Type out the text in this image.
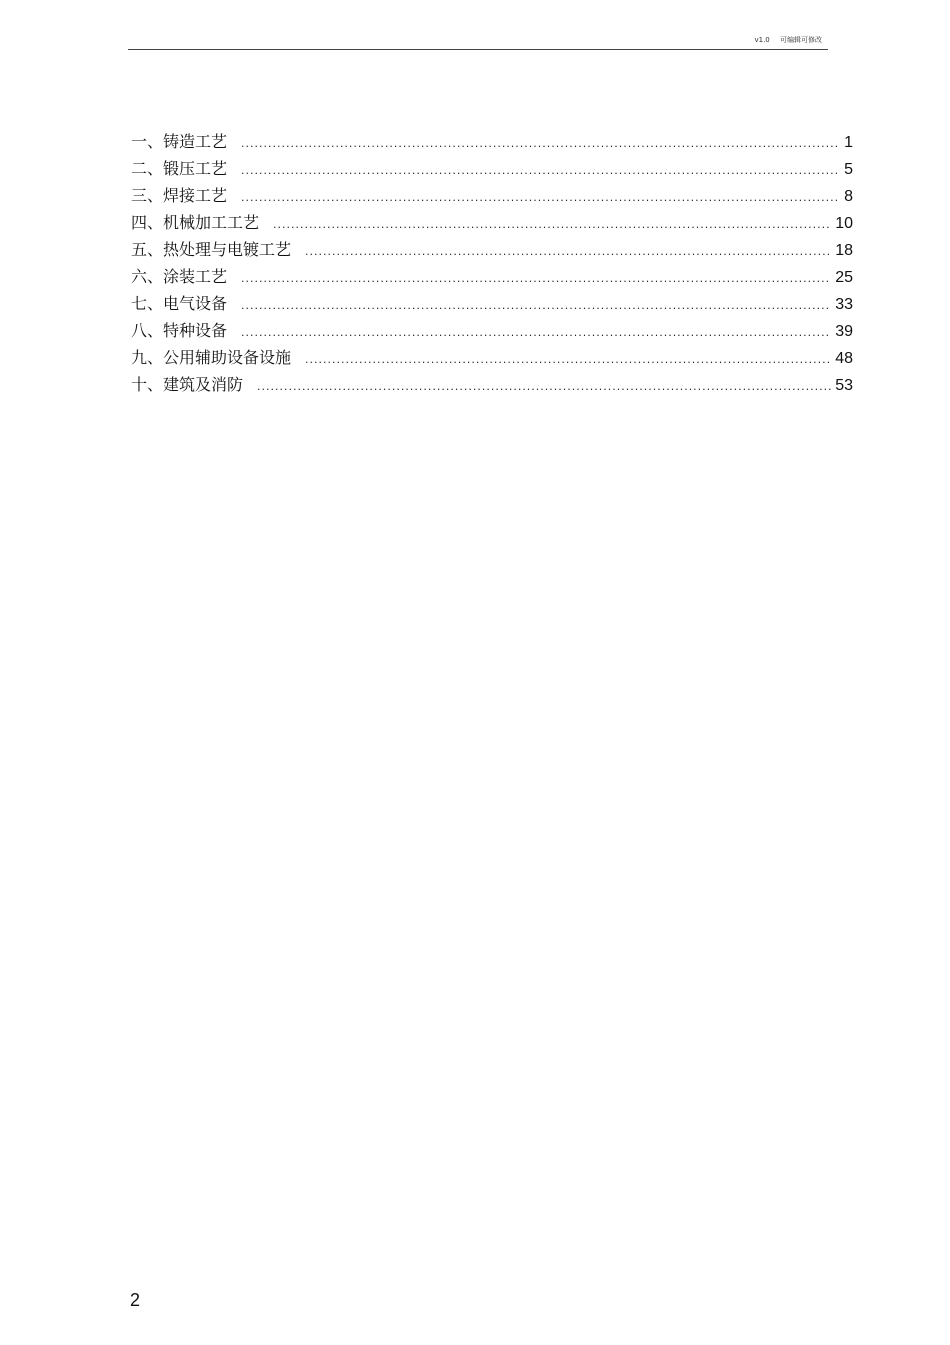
v1.0 可编辑可修改
一、铸造工艺 .....	1
二、锻压工艺 .....	5
三、焊接工艺 .....	8
四、机械加工工艺 .....	10
五、热处理与电镀工艺 .....	18
六、涂装工艺 .....	25
七、电气设备 .....	33
八、特种设备 .....	39
九、公用辅助设备设施 .....	48
十、建筑及消防 .....	53
2
